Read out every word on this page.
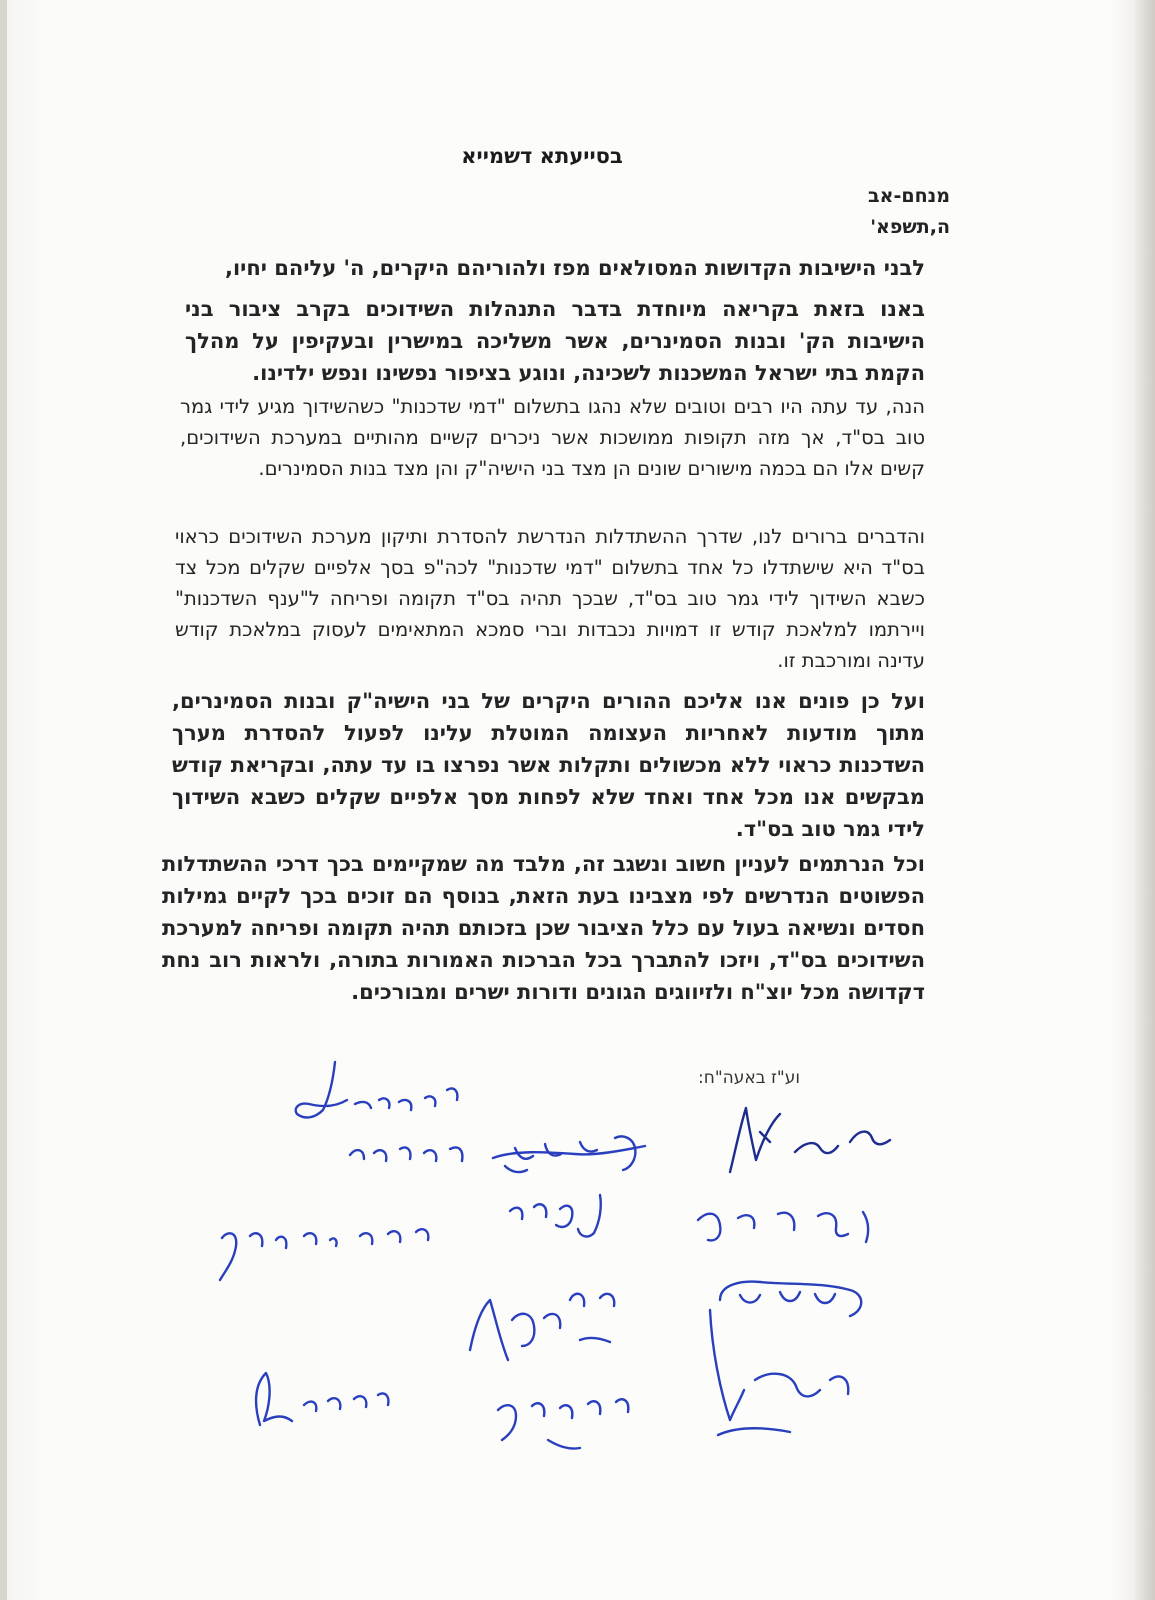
בסייעתא דשמייא
מנחם-אב
ה,תשפא'
לבני הישיבות הקדושות המסולאים מפז ולהוריהם היקרים, ה' עליהם יחיו,
באנו בזאת בקריאה מיוחדת בדבר התנהלות השידוכים בקרב ציבור בני הישיבות הק' ובנות הסמינרים, אשר משליכה במישרין ובעקיפין על מהלך הקמת בתי ישראל המשכנות לשכינה, ונוגע בציפור נפשינו ונפש ילדינו.
הנה, עד עתה היו רבים וטובים שלא נהגו בתשלום "דמי שדכנות" כשהשידוך מגיע לידי גמר טוב בס"ד, אך מזה תקופות ממושכות אשר ניכרים קשיים מהותיים במערכת השידוכים, קשים אלו הם בכמה מישורים שונים הן מצד בני הישיה"ק והן מצד בנות הסמינרים.
והדברים ברורים לנו, שדרך ההשתדלות הנדרשת להסדרת ותיקון מערכת השידוכים כראוי בס"ד היא שישתדלו כל אחד בתשלום "דמי שדכנות" לכה"פ בסך אלפיים שקלים מכל צד כשבא השידוך לידי גמר טוב בס"ד, שבכך תהיה בס"ד תקומה ופריחה ל"ענף השדכנות" ויירתמו למלאכת קודש זו דמויות נכבדות וברי סמכא המתאימים לעסוק במלאכת קודש עדינה ומורכבת זו.
ועל כן פונים אנו אליכם ההורים היקרים של בני הישיה"ק ובנות הסמינרים, מתוך מודעות לאחריות העצומה המוטלת עלינו לפעול להסדרת מערך השדכנות כראוי ללא מכשולים ותקלות אשר נפרצו בו עד עתה, ובקריאת קודש מבקשים אנו מכל אחד ואחד שלא לפחות מסך אלפיים שקלים כשבא השידוך לידי גמר טוב בס"ד.
וכל הנרתמים לעניין חשוב ונשגב זה, מלבד מה שמקיימים בכך דרכי ההשתדלות הפשוטים הנדרשים לפי מצבינו בעת הזאת, בנוסף הם זוכים בכך לקיים גמילות חסדים ונשיאה בעול עם כלל הציבור שכן בזכותם תהיה תקומה ופריחה למערכת השידוכים בס"ד, ויזכו להתברך בכל הברכות האמורות בתורה, ולראות רוב נחת דקדושה מכל יוצ"ח ולזיווגים הגונים ודורות ישרים ומבורכים.
וע"ז באעה"ח:
